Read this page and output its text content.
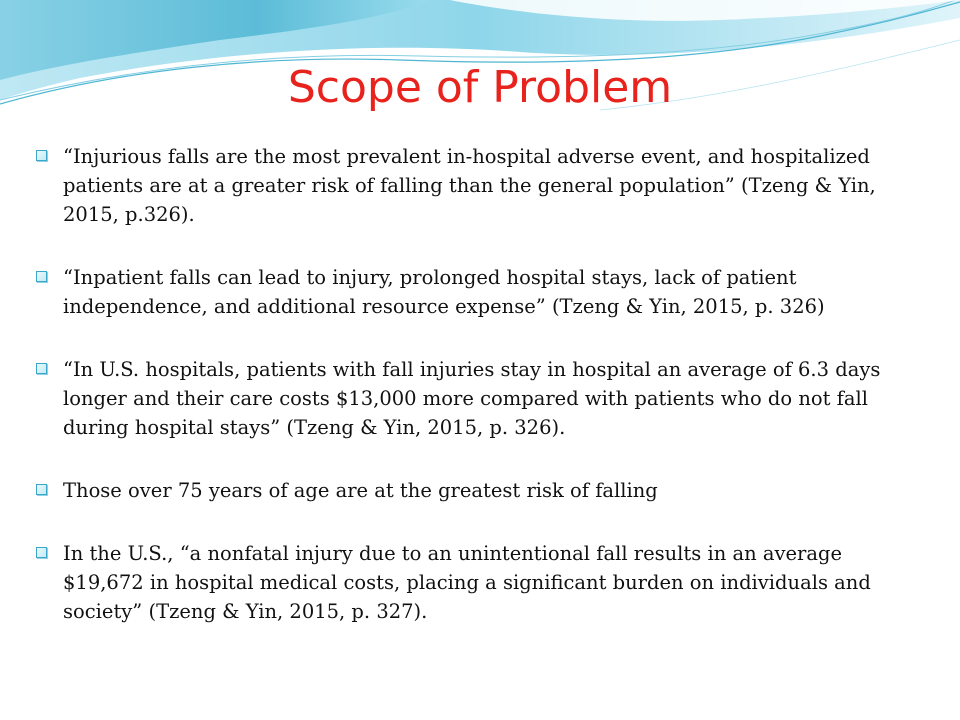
Scope of Problem
“Injurious falls are the most prevalent in-hospital adverse event, and hospitalized patients are at a greater risk of falling than the general population” (Tzeng & Yin, 2015, p.326).
“Inpatient falls can lead to injury, prolonged hospital stays, lack of patient independence, and additional resource expense” (Tzeng & Yin, 2015, p. 326)
“In U.S. hospitals, patients with fall injuries stay in hospital an average of 6.3 days longer and their care costs $13,000 more compared with patients who do not fall during hospital stays” (Tzeng & Yin, 2015, p. 326).
Those over 75 years of age are at the greatest risk of falling
In the U.S., “a nonfatal injury due to an unintentional fall results in an average $19,672 in hospital medical costs, placing a significant burden on individuals and society” (Tzeng & Yin, 2015, p. 327).
